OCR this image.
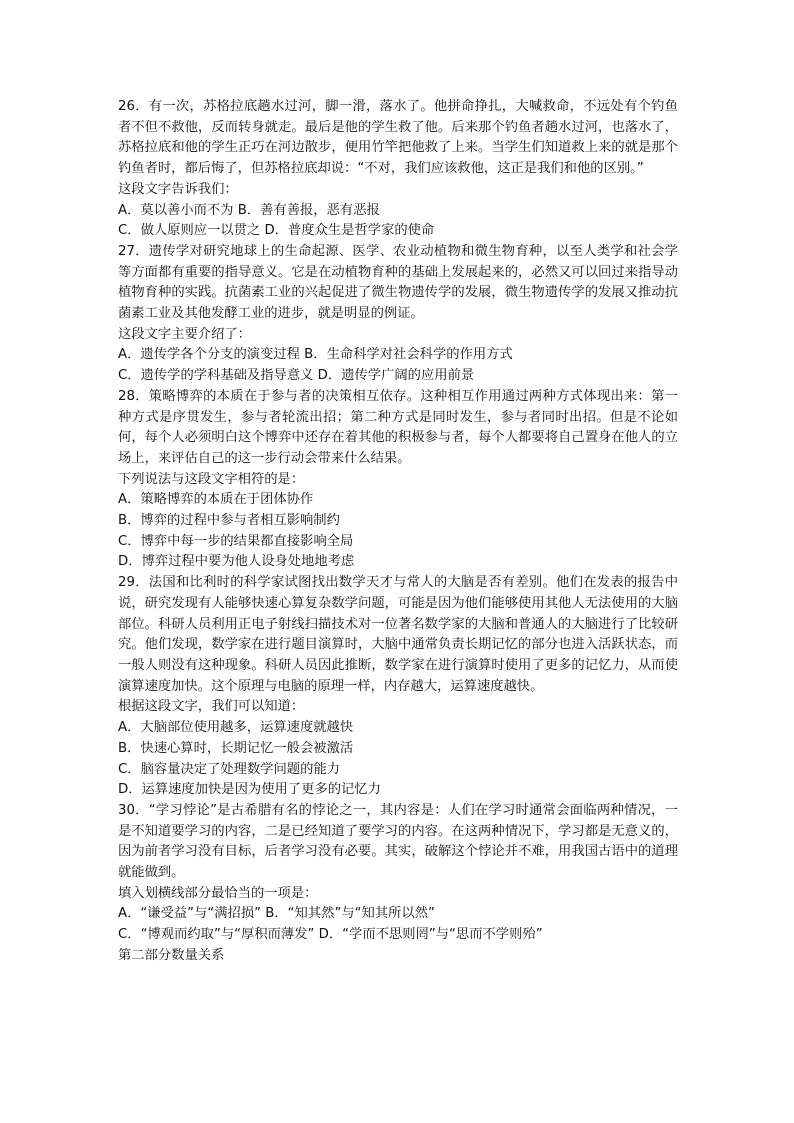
26．有一次，苏格拉底趟水过河，脚一滑，落水了。他拼命挣扎，大喊救命，不远处有个钓鱼者不但不救他，反而转身就走。最后是他的学生救了他。后来那个钓鱼者趟水过河，也落水了，苏格拉底和他的学生正巧在河边散步，便用竹竿把他救了上来。当学生们知道救上来的就是那个钓鱼者时，都后悔了，但苏格拉底却说：“不对，我们应该救他，这正是我们和他的区别。”

这段文字告诉我们：
A．莫以善小而不为 B．善有善报，恶有恶报
C．做人原则应一以贯之 D．普度众生是哲学家的使命

27．遗传学对研究地球上的生命起源、医学、农业动植物和微生物育种，以至人类学和社会学等方面都有重要的指导意义。它是在动植物育种的基础上发展起来的，必然又可以回过来指导动植物育种的实践。抗菌素工业的兴起促进了微生物遗传学的发展，微生物遗传学的发展又推动抗菌素工业及其他发酵工业的进步，就是明显的例证。

这段文字主要介绍了：
A．遗传学各个分支的演变过程 B．生命科学对社会科学的作用方式
C．遗传学的学科基础及指导意义 D．遗传学广阔的应用前景

28．策略博弈的本质在于参与者的决策相互依存。这种相互作用通过两种方式体现出来：第一种方式是序贯发生，参与者轮流出招；第二种方式是同时发生，参与者同时出招。但是不论如何，每个人必须明白这个博弈中还存在着其他的积极参与者，每个人都要将自己置身在他人的立场上，来评估自己的这一步行动会带来什么结果。

下列说法与这段文字相符的是：
A．策略博弈的本质在于团体协作
B．博弈的过程中参与者相互影响制约
C．博弈中每一步的结果都直接影响全局
D．博弈过程中要为他人设身处地地考虑

29．法国和比利时的科学家试图找出数学天才与常人的大脑是否有差别。他们在发表的报告中说，研究发现有人能够快速心算复杂数学问题，可能是因为他们能够使用其他人无法使用的大脑部位。科研人员利用正电子射线扫描技术对一位著名数学家的大脑和普通人的大脑进行了比较研究。他们发现，数学家在进行题目演算时，大脑中通常负责长期记忆的部分也进入活跃状态，而一般人则没有这种现象。科研人员因此推断，数学家在进行演算时使用了更多的记忆力，从而使演算速度加快。这个原理与电脑的原理一样，内存越大，运算速度越快。

根据这段文字，我们可以知道：
A．大脑部位使用越多，运算速度就越快
B．快速心算时，长期记忆一般会被激活
C．脑容量决定了处理数学问题的能力
D．运算速度加快是因为使用了更多的记忆力

30．“学习悖论”是古希腊有名的悖论之一，其内容是：人们在学习时通常会面临两种情况，一是不知道要学习的内容，二是已经知道了要学习的内容。在这两种情况下，学习都是无意义的，因为前者学习没有目标，后者学习没有必要。其实，破解这个悖论并不难，用我国古语中的道理就能做到。

填入划横线部分最恰当的一项是：
A．“谦受益”与“满招损” B．“知其然”与“知其所以然”
C．“博观而约取”与“厚积而薄发” D．“学而不思则罔”与“思而不学则殆”
第二部分数量关系
